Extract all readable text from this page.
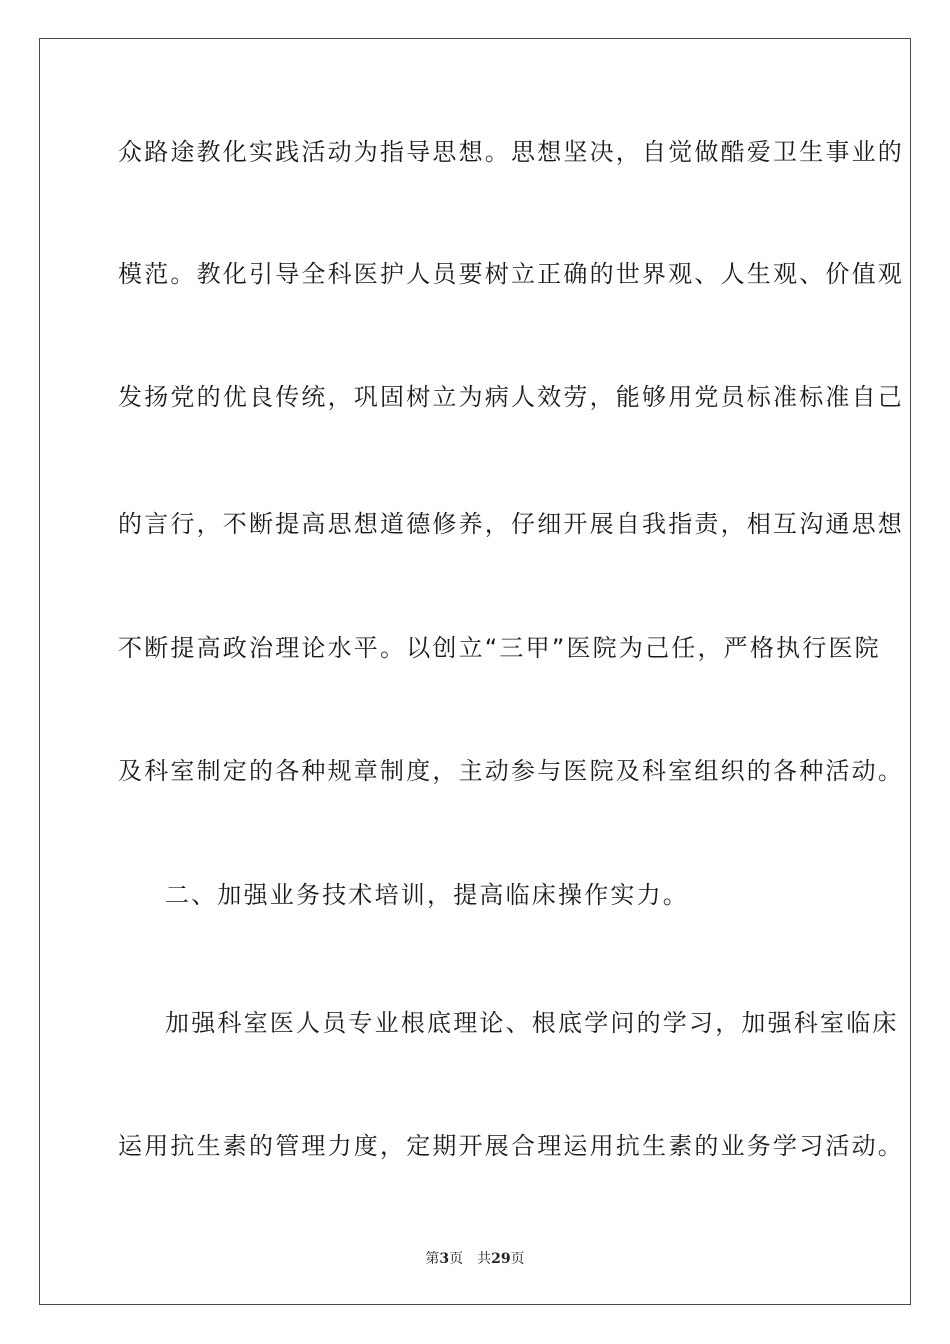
众路途教化实践活动为指导思想。思想坚决，自觉做酷爱卫生事业的
模范。教化引导全科医护人员要树立正确的世界观、人生观、价值观
发扬党的优良传统，巩固树立为病人效劳，能够用党员标准标准自己
的言行，不断提高思想道德修养，仔细开展自我指责，相互沟通思想
不断提高政治理论水平。以创立“三甲”医院为己任，严格执行医院
及科室制定的各种规章制度，主动参与医院及科室组织的各种活动。
二、加强业务技术培训，提高临床操作实力。
加强科室医人员专业根底理论、根底学问的学习，加强科室临床
运用抗生素的管理力度，定期开展合理运用抗生素的业务学习活动。
第3页 共29页
